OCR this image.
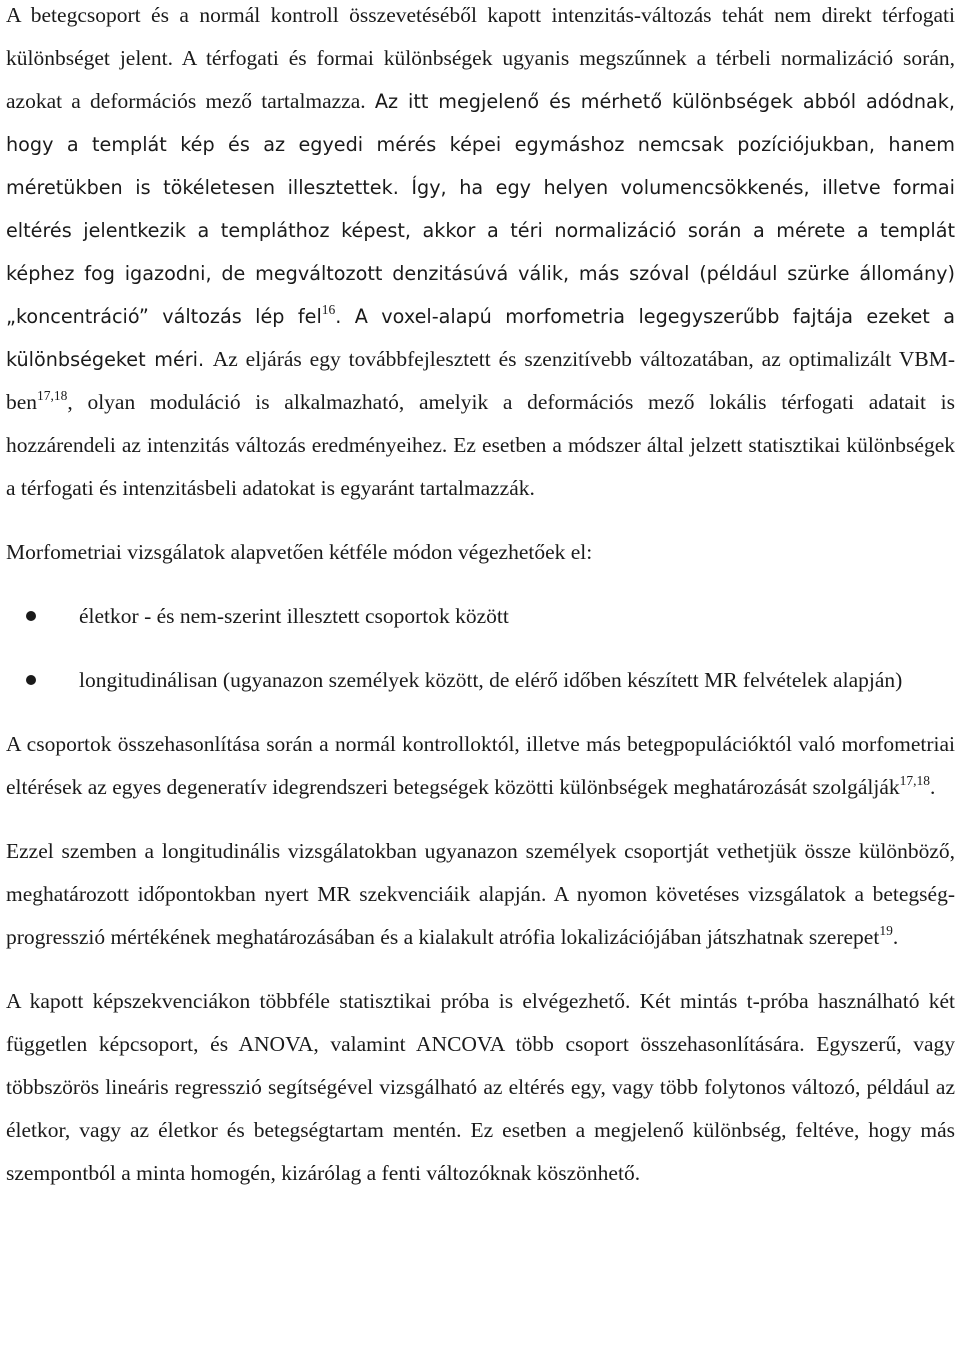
A betegcsoport és a normál kontroll összevetéséből kapott intenzitás-változás tehát nem direkt térfogati különbséget jelent. A térfogati és formai különbségek ugyanis megszűnnek a térbeli normalizáció során, azokat a deformációs mező tartalmazza. Az itt megjelenő és mérhető különbségek abból adódnak, hogy a templát kép és az egyedi mérés képei egymáshoz nemcsak pozíciójukban, hanem méretükben is tökéletesen illesztettek. Így, ha egy helyen volumencsökkenés, illetve formai eltérés jelentkezik a templáthoz képest, akkor a téri normalizáció során a mérete a templát képhez fog igazodni, de megváltozott denzitásúvá válik, más szóval (például szürke állomány) „koncentráció” változás lép fel$^{16}$. A voxel-alapú morfometria legegyszerűbb fajtája ezeket a különbségeket méri. Az eljárás egy továbbfejlesztett és szenzitívebb változatában, az optimalizált VBM-ben$^{17,18}$, olyan moduláció is alkalmazható, amelyik a deformációs mező lokális térfogati adatait is hozzárendeli az intenzitás változás eredményeihez. Ez esetben a módszer által jelzett statisztikai különbségek a térfogati és intenzitásbeli adatokat is egyaránt tartalmazzák.

Morfometriai vizsgálatok alapvetően kétféle módon végezhetőek el:

életkor - és nem-szerint illesztett csoportok között
longitudinálisan (ugyanazon személyek között, de elérő időben készített MR felvételek alapján)

A csoportok összehasonlítása során a normál kontrolloktól, illetve más betegpopulációktól való morfometriai eltérések az egyes degeneratív idegrendszeri betegségek közötti különbségek meghatározását szolgálják$^{17,18}$.

Ezzel szemben a longitudinális vizsgálatokban ugyanazon személyek csoportját vethetjük össze különböző, meghatározott időpontokban nyert MR szekvenciáik alapján. A nyomon követéses vizsgálatok a betegség-progresszió mértékének meghatározásában és a kialakult atrófia lokalizációjában játszhatnak szerepet$^{19}$.

A kapott képszekvenciákon többféle statisztikai próba is elvégezhető. Két mintás t-próba használható két független képcsoport, és ANOVA, valamint ANCOVA több csoport összehasonlítására. Egyszerű, vagy többszörös lineáris regresszió segítségével vizsgálható az eltérés egy, vagy több folytonos változó, például az életkor, vagy az életkor és betegségtartam mentén. Ez esetben a megjelenő különbség, feltéve, hogy más szempontból a minta homogén, kizárólag a fenti változóknak köszönhető.
